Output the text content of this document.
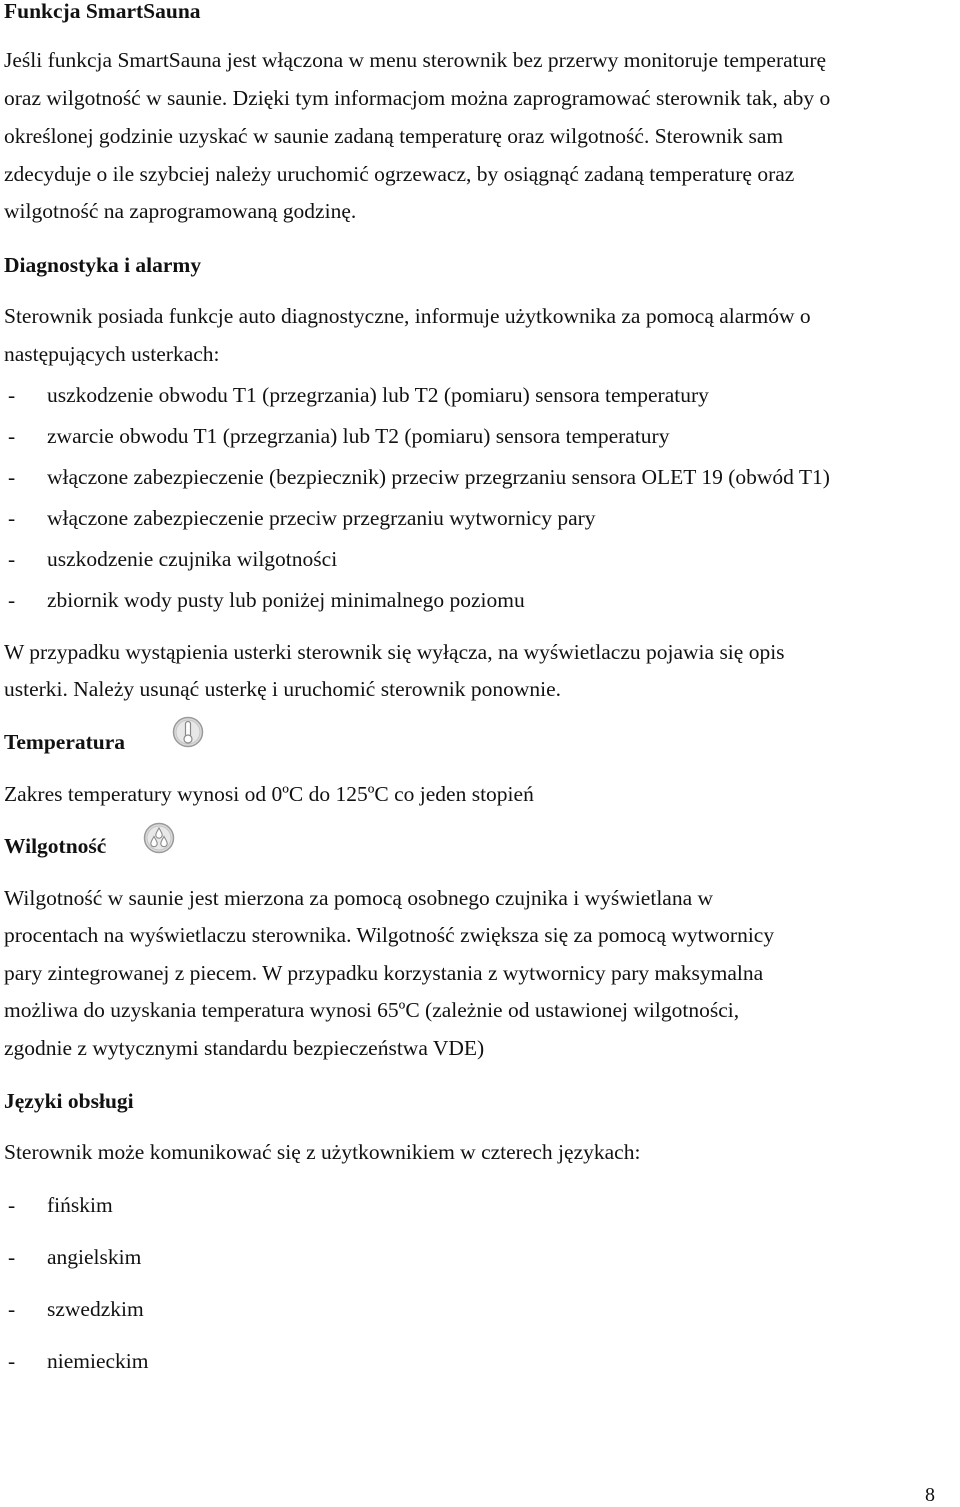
Funkcja SmartSauna

Jeśli funkcja SmartSauna jest włączona w menu sterownik bez przerwy monitoruje temperaturę

oraz wilgotność w saunie. Dzięki tym informacjom można zaprogramować sterownik tak, aby o

określonej godzinie uzyskać w saunie zadaną temperaturę oraz wilgotność. Sterownik sam

zdecyduje o ile szybciej należy uruchomić ogrzewacz, by osiągnąć zadaną temperaturę oraz

wilgotność na zaprogramowaną godzinę.

Diagnostyka i alarmy

Sterownik posiada funkcje auto diagnostyczne, informuje użytkownika za pomocą alarmów o

następujących usterkach:

- uszkodzenie obwodu T1 (przegrzania) lub T2 (pomiaru) sensora temperatury
- zwarcie obwodu T1 (przegrzania) lub T2 (pomiaru) sensora temperatury
- włączone zabezpieczenie (bezpiecznik) przeciw przegrzaniu sensora OLET 19 (obwód T1)
- włączone zabezpieczenie przeciw przegrzaniu wytwornicy pary
- uszkodzenie czujnika wilgotności
- zbiornik wody pusty lub poniżej minimalnego poziomu

W przypadku wystąpienia usterki sterownik się wyłącza, na wyświetlaczu pojawia się opis

usterki. Należy usunąć usterkę i uruchomić sterownik ponownie.

Temperatura

Zakres temperatury wynosi od 0ºC do 125ºC co jeden stopień

Wilgotność

Wilgotność w saunie jest mierzona za pomocą osobnego czujnika i wyświetlana w

procentach na wyświetlaczu sterownika. Wilgotność zwiększa się za pomocą wytwornicy

pary zintegrowanej z piecem. W przypadku korzystania z wytwornicy pary maksymalna

możliwa do uzyskania temperatura wynosi 65ºC (zależnie od ustawionej wilgotności,

zgodnie z wytycznymi standardu bezpieczeństwa VDE)

Języki obsługi

Sterownik może komunikować się z użytkownikiem w czterech językach:

- fińskim
- angielskim
- szwedzkim
- niemieckim
8
